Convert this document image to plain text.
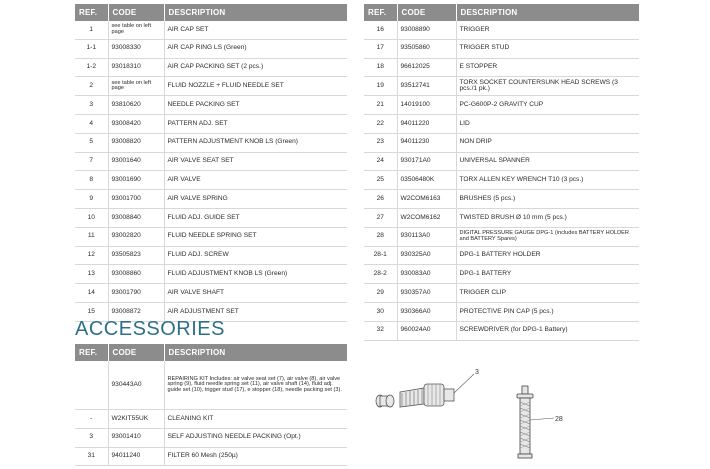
REF.	CODE	DESCRIPTION
1	see table on left page	AIR CAP SET
1-1	93008330	AIR CAP RING LS (Green)
1-2	93018310	AIR CAP PACKING SET (2 pcs.)
2	see table on left page	FLUID NOZZLE + FLUID NEEDLE SET
3	93810620	NEEDLE PACKING SET
4	93008420	PATTERN ADJ. SET
5	93008820	PATTERN ADJUSTMENT KNOB LS (Green)
7	93001640	AIR VALVE SEAT SET
8	93001690	AIR VALVE
9	93001700	AIR VALVE SPRING
10	93008840	FLUID ADJ. GUIDE SET
11	93002820	FLUID NEEDLE SPRING SET
12	93505823	FLUID ADJ. SCREW
13	93008860	FLUID ADJUSTMENT KNOB LS (Green)
14	93001790	AIR VALVE SHAFT
15	93008872	AIR ADJUSTMENT SET
REF.	CODE	DESCRIPTION
16	93008890	TRIGGER
17	93505860	TRIGGER STUD
18	96612025	E STOPPER
19	93512741	TORX SOCKET COUNTERSUNK HEAD SCREWS (3 pcs./1 pk.)
21	14019100	PC-G600P-2 GRAVITY CUP
22	94011220	LID
23	94011230	NON DRIP
24	930171A0	UNIVERSAL SPANNER
25	03506480K	TORX ALLEN KEY WRENCH T10 (3 pcs.)
26	W2COM6163	BRUSHES (5 pcs.)
27	W2COM6162	TWISTED BRUSH Ø 10 mm (5 pcs.)
28	930113A0	DIGITAL PRESSURE GAUGE DPG-1 (includes BATTERY HOLDER and BATTERY Spares)
28-1	930325A0	DPG-1 BATTERY HOLDER
28-2	930083A0	DPG-1 BATTERY
29	930357A0	TRIGGER CLIP
30	930366A0	PROTECTIVE PIN CAP (5 pcs.)
32	960024A0	SCREWDRIVER (for DPG-1 Battery)
ACCESSORIES
REF.	CODE	DESCRIPTION
	930443A0	REPAIRING KIT Includes: air valve seat set (7), air valve (8), air valve spring (9), fluid needle spring set (11), air valve shaft (14), fluid adj. guide set (10), trigger stud (17), e stopper (18), needle packing set (3).
-	W2KIT55UK	CLEANING KIT
3	93001410	SELF ADJUSTING NEEDLE PACKING (Opt.)
31	94011240	FILTER 60 Mesh (250µ)
3
28
